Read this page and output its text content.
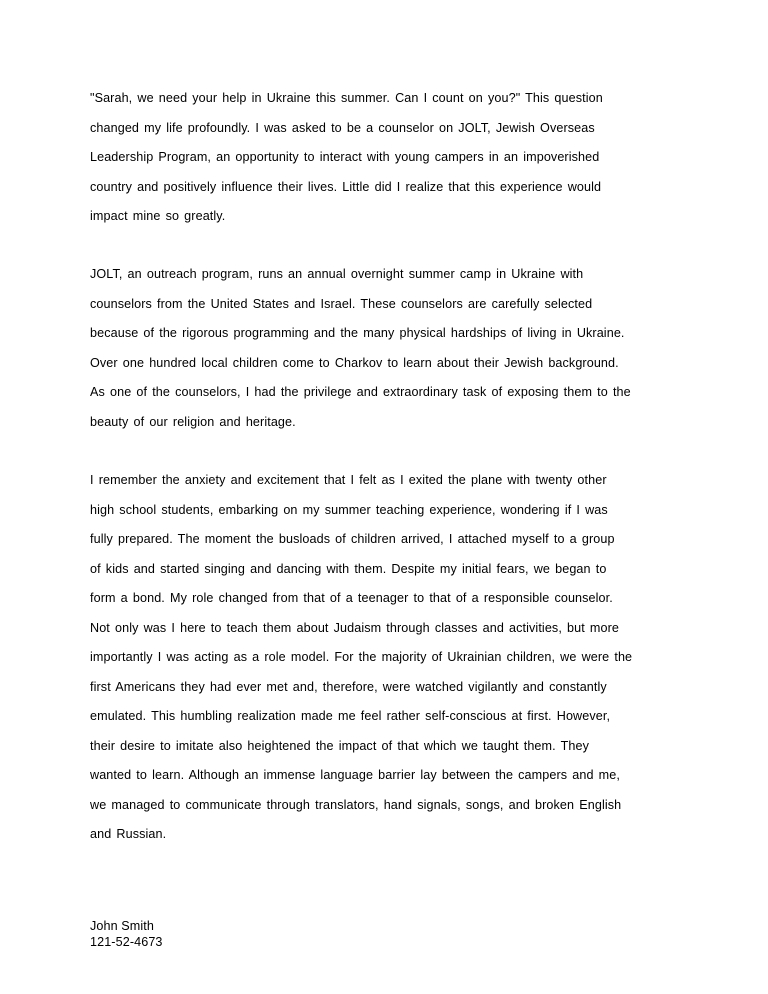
"Sarah, we need your help in Ukraine this summer. Can I count on you?" This question
changed my life profoundly. I was asked to be a counselor on JOLT, Jewish Overseas
Leadership Program, an opportunity to interact with young campers in an impoverished
country and positively influence their lives. Little did I realize that this experience would
impact mine so greatly.
JOLT, an outreach program, runs an annual overnight summer camp in Ukraine with
counselors from the United States and Israel. These counselors are carefully selected
because of the rigorous programming and the many physical hardships of living in Ukraine.
Over one hundred local children come to Charkov to learn about their Jewish background.
As one of the counselors, I had the privilege and extraordinary task of exposing them to the
beauty of our religion and heritage.
I remember the anxiety and excitement that I felt as I exited the plane with twenty other
high school students, embarking on my summer teaching experience, wondering if I was
fully prepared. The moment the busloads of children arrived, I attached myself to a group
of kids and started singing and dancing with them. Despite my initial fears, we began to
form a bond. My role changed from that of a teenager to that of a responsible counselor.
Not only was I here to teach them about Judaism through classes and activities, but more
importantly I was acting as a role model. For the majority of Ukrainian children, we were the
first Americans they had ever met and, therefore, were watched vigilantly and constantly
emulated. This humbling realization made me feel rather self-conscious at first. However,
their desire to imitate also heightened the impact of that which we taught them. They
wanted to learn. Although an immense language barrier lay between the campers and me,
we managed to communicate through translators, hand signals, songs, and broken English
and Russian.
John Smith
121-52-4673
